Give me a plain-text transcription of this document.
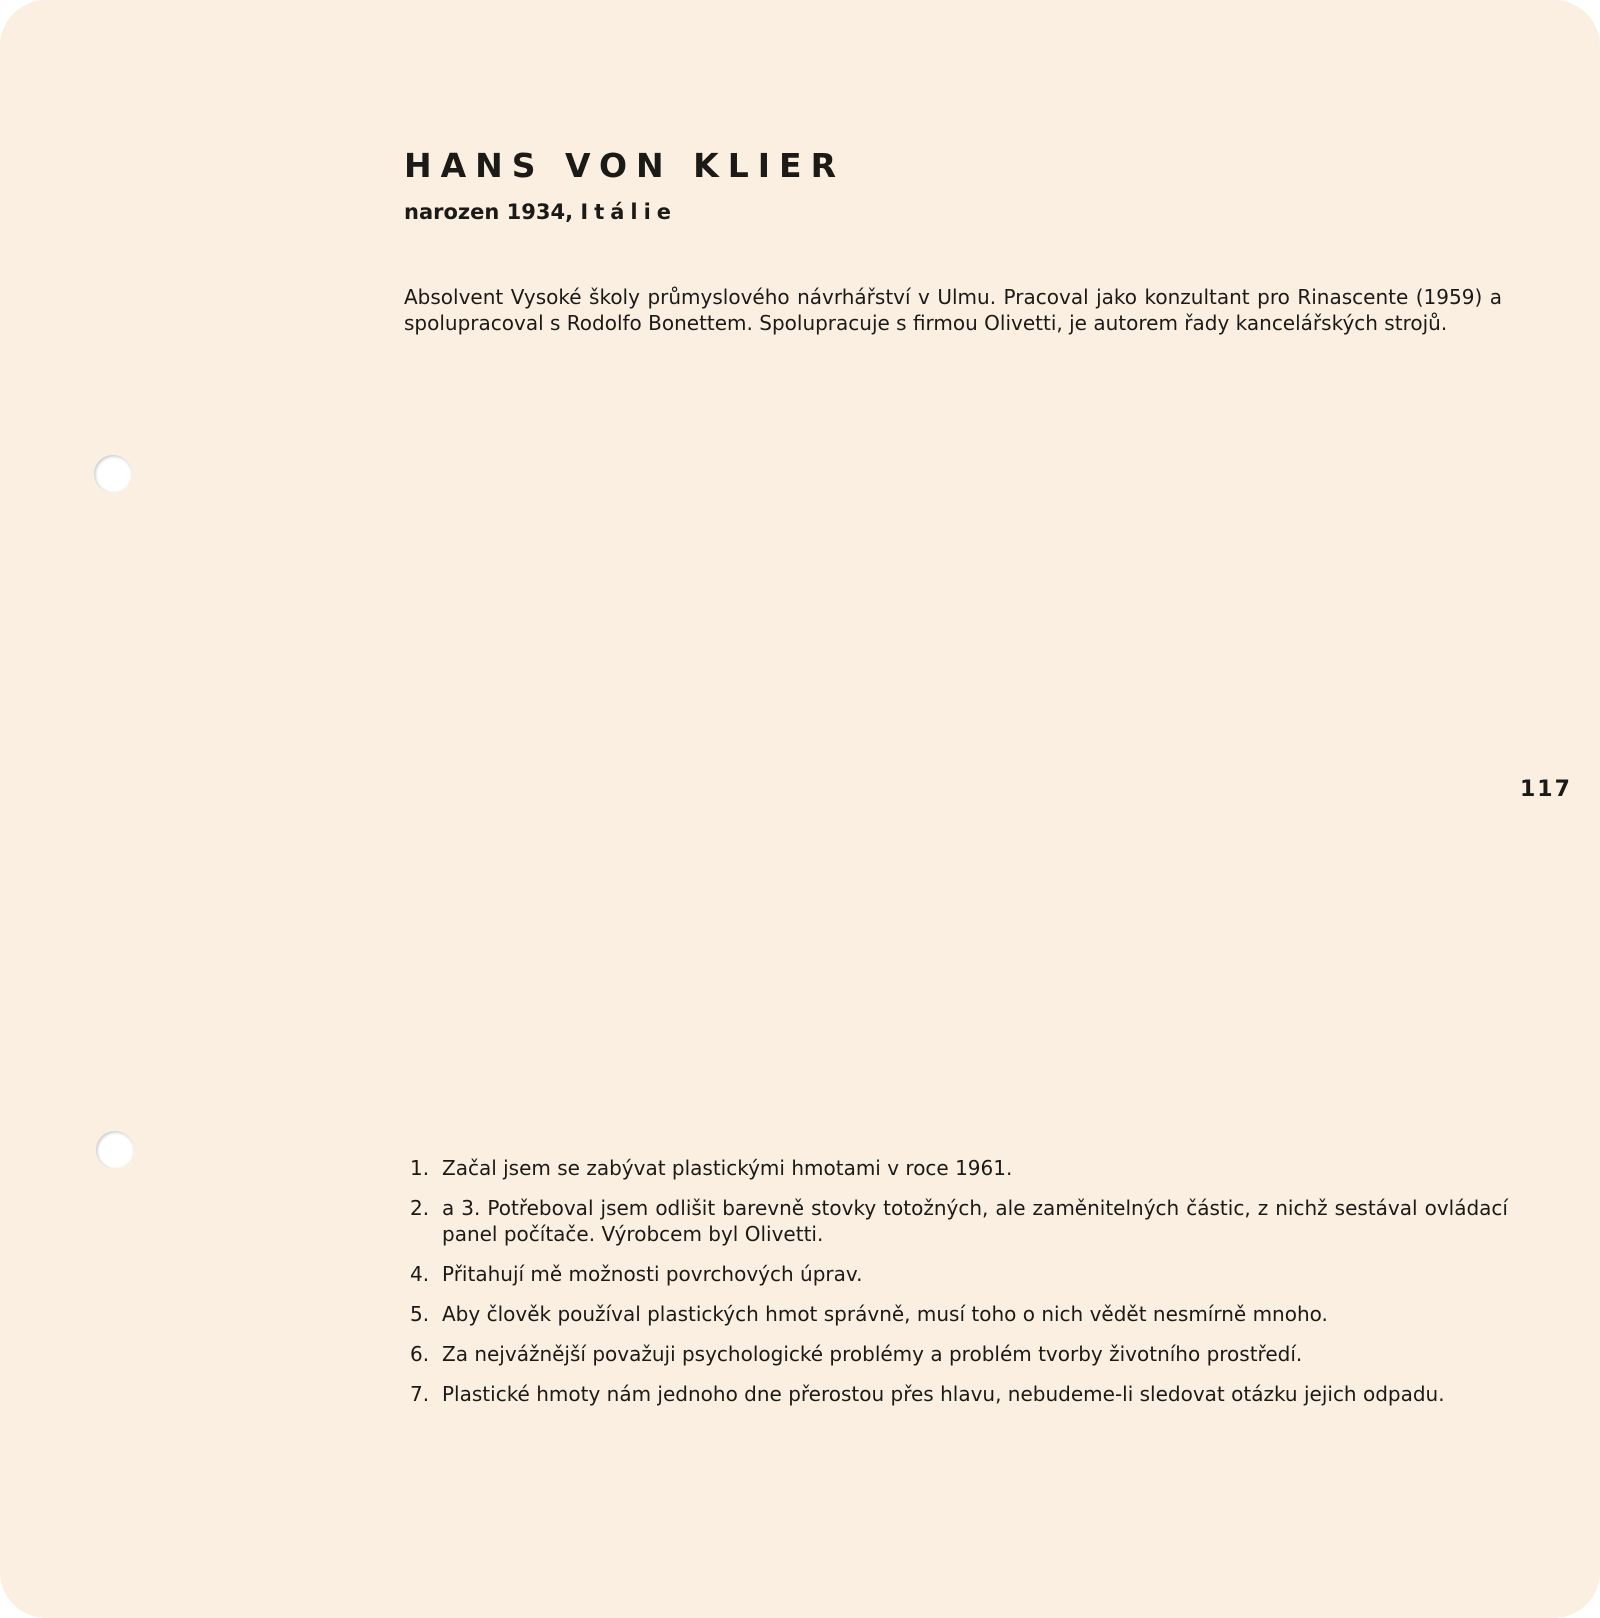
HANS VON KLIER
narozen 1934, Itálie
Absolvent Vysoké školy průmyslového návrhářství v Ulmu. Pracoval jako konzultant pro Rinascente (1959) a spolupracoval s Rodolfo Bonettem. Spolupracuje s firmou Olivetti, je autorem řady kancelářských strojů.
117
1. Začal jsem se zabývat plastickými hmotami v roce 1961.
2. a 3. Potřeboval jsem odlišit barevně stovky totožných, ale zaměnitelných částic, z nichž sestával ovládací panel počítače. Výrobcem byl Olivetti.
4. Přitahují mě možnosti povrchových úprav.
5. Aby člověk používal plastických hmot správně, musí toho o nich vědět nesmírně mnoho.
6. Za nejvážnější považuji psychologické problémy a problém tvorby životního prostředí.
7. Plastické hmoty nám jednoho dne přerostou přes hlavu, nebudeme-li sledovat otázku jejich odpadu.
